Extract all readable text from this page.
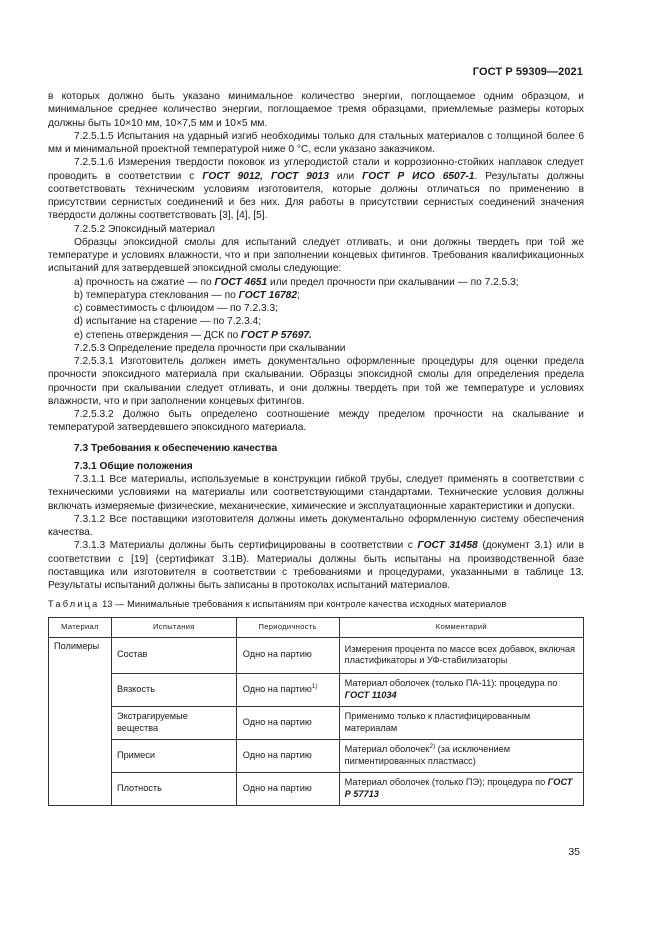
ГОСТ Р 59309—2021

в которых должно быть указано минимальное количество энергии, поглощаемое одним образцом, и минимальное среднее количество энергии, поглощаемое тремя образцами, приемлемые размеры которых должны быть 10×10 мм, 10×7,5 мм и 10×5 мм.

7.2.5.1.5 Испытания на ударный изгиб необходимы только для стальных материалов с толщиной более 6 мм и минимальной проектной температурой ниже 0 °С, если указано заказчиком.

7.2.5.1.6 Измерения твердости поковок из углеродистой стали и коррозионно-стойких наплавок следует проводить в соответствии с ГОСТ 9012, ГОСТ 9013 или ГОСТ Р ИСО 6507-1. Результаты должны соответствовать техническим условиям изготовителя, которые должны отличаться по применению в присутствии сернистых соединений и без них. Для работы в присутствии сернистых соединений значения твердости должны соответствовать [3], [4], [5].

7.2.5.2 Эпоксидный материал

Образцы эпоксидной смолы для испытаний следует отливать, и они должны твердеть при той же температуре и условиях влажности, что и при заполнении концевых фитингов. Требования квалификационных испытаний для затвердевшей эпоксидной смолы следующие:

a) прочность на сжатие — по ГОСТ 4651 или предел прочности при скалывании — по 7.2.5.3;

b) температура стеклования — по ГОСТ 16782;

c) совместимость с флюидом — по 7.2.3.3;

d) испытание на старение — по 7.2.3.4;

e) степень отверждения — ДСК по ГОСТ Р 57697.

7.2.5.3 Определение предела прочности при скалывании

7.2.5.3.1 Изготовитель должен иметь документально оформленные процедуры для оценки предела прочности эпоксидного материала при скалывании. Образцы эпоксидной смолы для определения предела прочности при скалывании следует отливать, и они должны твердеть при той же температуре и условиях влажности, что и при заполнении концевых фитингов.

7.2.5.3.2 Должно быть определено соотношение между пределом прочности на скалывание и температурой затвердевшего эпоксидного материала.

7.3 Требования к обеспечению качества

7.3.1 Общие положения

7.3.1.1 Все материалы, используемые в конструкции гибкой трубы, следует применять в соответствии с техническими условиями на материалы или соответствующими стандартами. Технические условия должны включать измеряемые физические, механические, химические и эксплуатационные характеристики и допуски.

7.3.1.2 Все поставщики изготовителя должны иметь документально оформленную систему обеспечения качества.

7.3.1.3 Материалы должны быть сертифицированы в соответствии с ГОСТ 31458 (документ 3.1) или в соответствии с [19] (сертификат 3.1В). Материалы должны быть испытаны на производственной базе поставщика или изготовителя в соответствии с требованиями и процедурами, указанными в таблице 13. Результаты испытаний должны быть записаны в протоколах испытаний материалов.

Таблица 13 — Минимальные требования к испытаниям при контроле качества исходных материалов

Материал	Испытания	Периодичность	Комментарий
Полимеры	Состав	Одно на партию	Измерения процента по массе всех добавок, включая пластификаторы и УФ-стабилизаторы
	Вязкость	Одно на партию$^{1)}$	Материал оболочек (только ПА-11): процедура по ГОСТ 11034
	Экстрагируемые вещества	Одно на партию	Применимо только к пластифицированным материалам
	Примеси	Одно на партию	Материал оболочек$^{2)}$ (за исключением пигментированных пластмасс)
	Плотность	Одно на партию	Материал оболочек (только ПЭ); процедура по ГОСТ Р 57713
35
